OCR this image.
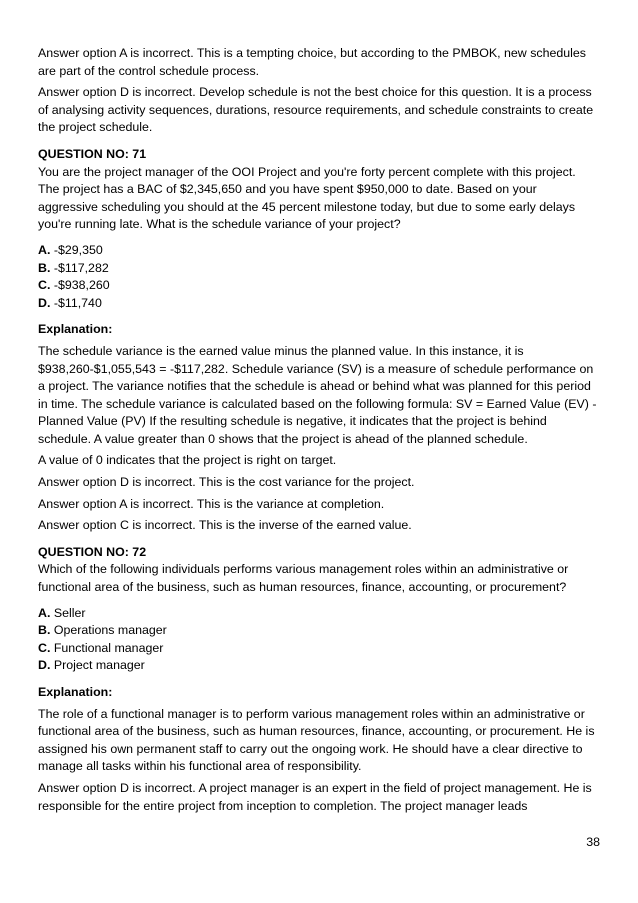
Answer option A is incorrect. This is a tempting choice, but according to the PMBOK, new schedules are part of the control schedule process.

Answer option D is incorrect. Develop schedule is not the best choice for this question. It is a process of analysing activity sequences, durations, resource requirements, and schedule constraints to create the project schedule.

QUESTION NO: 71

You are the project manager of the OOI Project and you're forty percent complete with this project. The project has a BAC of $2,345,650 and you have spent $950,000 to date. Based on your aggressive scheduling you should at the 45 percent milestone today, but due to some early delays you're running late. What is the schedule variance of your project?

A. -$29,350

B. -$117,282

C. -$938,260

D. -$11,740

Explanation:

The schedule variance is the earned value minus the planned value. In this instance, it is $938,260-$1,055,543 = -$117,282. Schedule variance (SV) is a measure of schedule performance on a project. The variance notifies that the schedule is ahead or behind what was planned for this period in time. The schedule variance is calculated based on the following formula: SV = Earned Value (EV) - Planned Value (PV) If the resulting schedule is negative, it indicates that the project is behind schedule. A value greater than 0 shows that the project is ahead of the planned schedule.

A value of 0 indicates that the project is right on target.

Answer option D is incorrect. This is the cost variance for the project.

Answer option A is incorrect. This is the variance at completion.

Answer option C is incorrect. This is the inverse of the earned value.

QUESTION NO: 72

Which of the following individuals performs various management roles within an administrative or functional area of the business, such as human resources, finance, accounting, or procurement?

A. Seller

B. Operations manager

C. Functional manager

D. Project manager

Explanation:

The role of a functional manager is to perform various management roles within an administrative or functional area of the business, such as human resources, finance, accounting, or procurement. He is assigned his own permanent staff to carry out the ongoing work. He should have a clear directive to manage all tasks within his functional area of responsibility.

Answer option D is incorrect. A project manager is an expert in the field of project management. He is responsible for the entire project from inception to completion. The project manager leads

38
